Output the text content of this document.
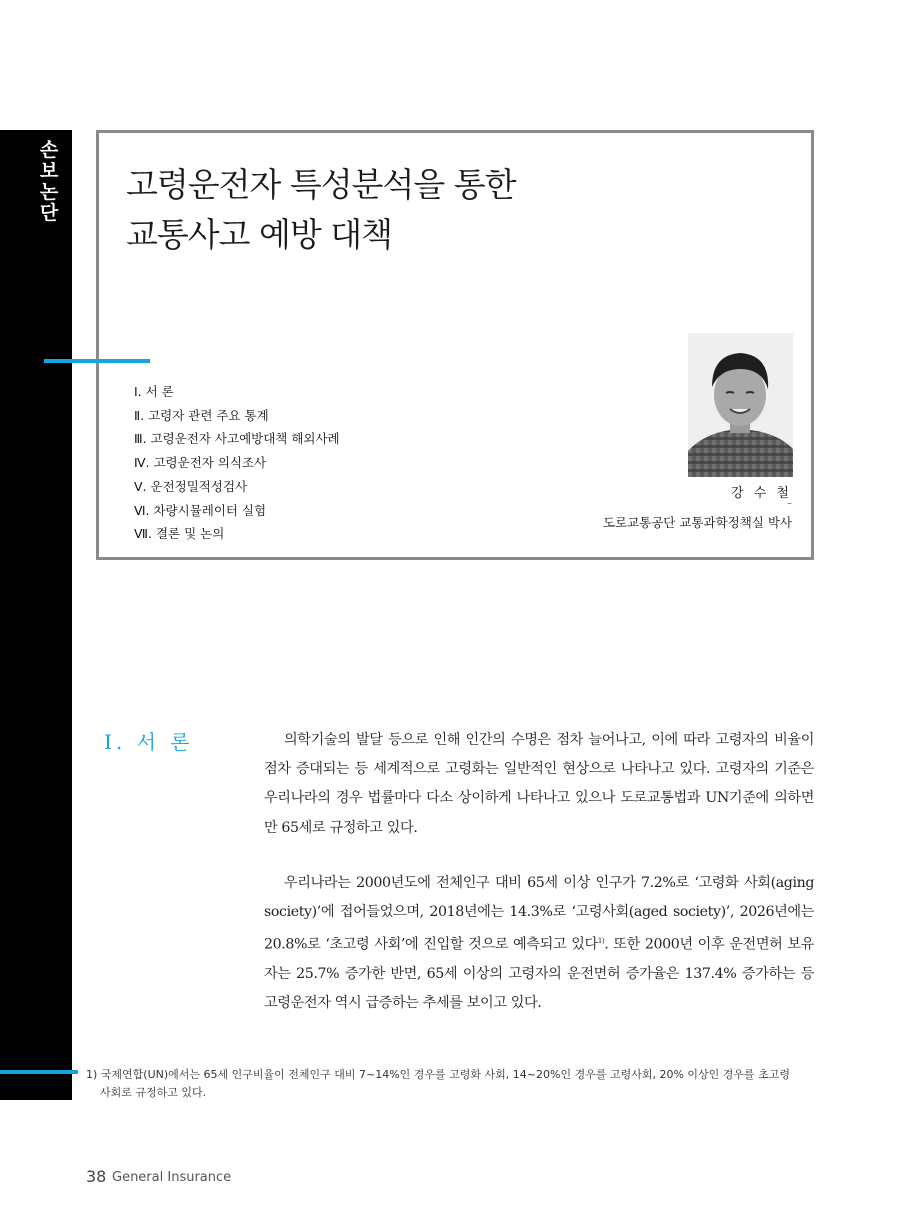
손
보
논
단
고령운전자 특성분석을 통한
교통사고 예방 대책
Ⅰ. 서 론
Ⅱ. 고령자 관련 주요 통계
Ⅲ. 고령운전자 사고예방대책 해외사례
Ⅳ. 고령운전자 의식조사
Ⅴ. 운전정밀적성검사
Ⅵ. 차량시뮬레이터 실험
Ⅶ. 결론 및 논의
강 수 철
–
도로교통공단 교통과학정책실 박사
Ⅰ. 서 론	의학기술의 발달 등으로 인해 인간의 수명은 점차 늘어나고, 이에 따라 고령자의 비율이 점차 증대되는 등 세계적으로 고령화는 일반적인 현상으로 나타나고 있다. 고령자의 기준은 우리나라의 경우 법률마다 다소 상이하게 나타나고 있으나 도로교통법과 UN기준에 의하면 만 65세로 규정하고 있다.

우리나라는 2000년도에 전체인구 대비 65세 이상 인구가 7.2%로 ‘고령화 사회(aging society)’에 접어들었으며, 2018년에는 14.3%로 ‘고령사회(aged society)’, 2026년에는 20.8%로 ‘초고령 사회’에 진입할 것으로 예측되고 있다$^{1)}$. 또한 2000년 이후 운전면허 보유자는 25.7% 증가한 반면, 65세 이상의 고령자의 운전면허 증가율은 137.4% 증가하는 등 고령운전자 역시 급증하는 추세를 보이고 있다.

1) 국제연합(UN)에서는 65세 인구비율이 전체인구 대비 7~14%인 경우를 고령화 사회, 14~20%인 경우를 고령사회, 20% 이상인 경우를 초고령
사회로 규정하고 있다.
38 General Insurance
